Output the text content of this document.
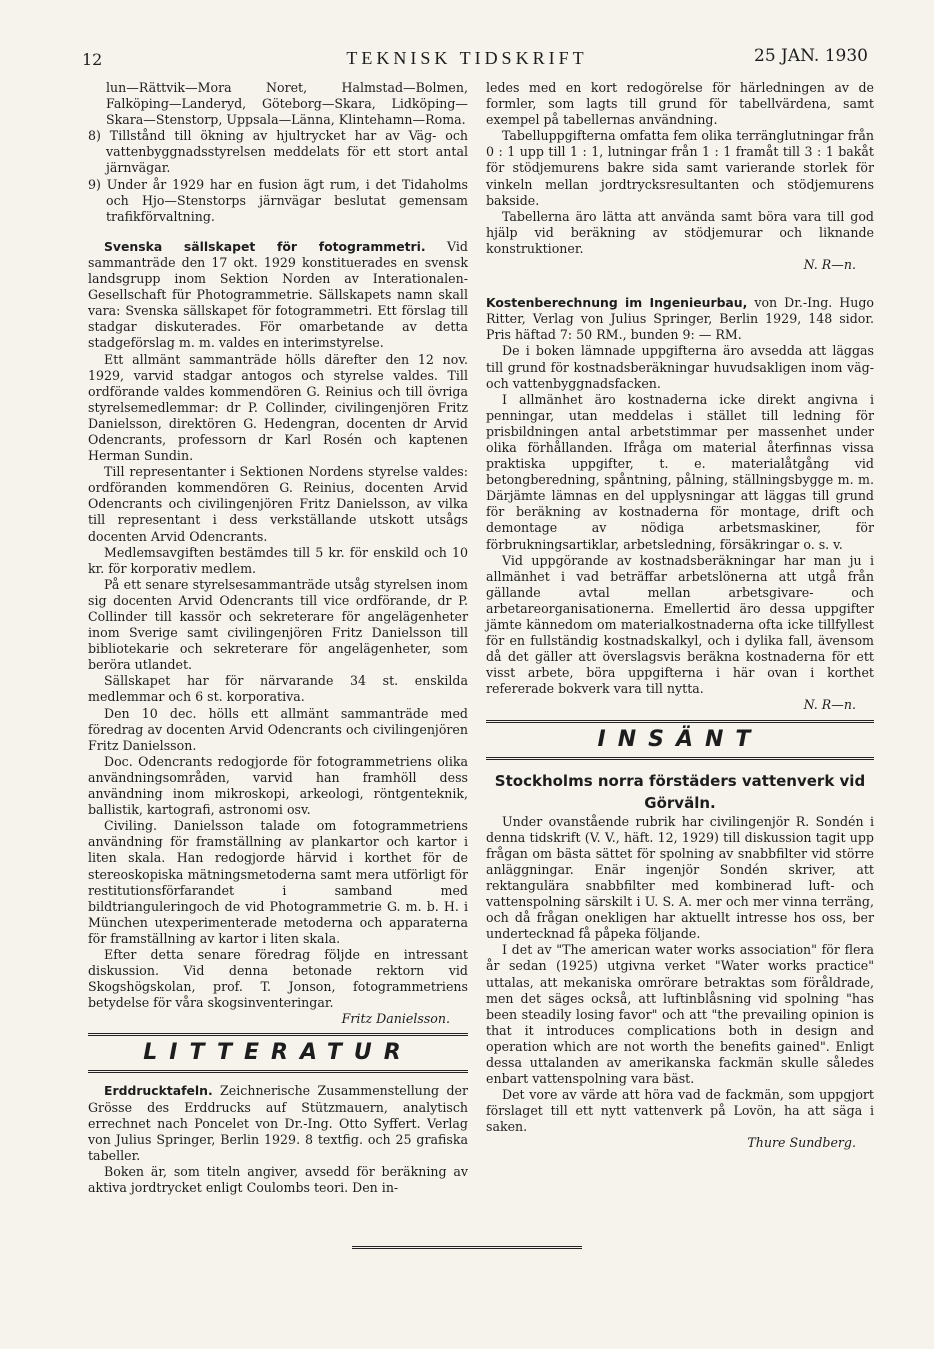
12	TEKNISK TIDSKRIFT	25 JAN. 1930

lun—Rättvik—Mora Noret, Halmstad—Bolmen, Falköping—Landeryd, Göteborg—Skara, Lidköping—Skara—Stenstorp, Uppsala—Länna, Klintehamn—Roma.

8) Tillstånd till ökning av hjultrycket har av Väg- och vattenbyggnadsstyrelsen meddelats för ett stort antal järnvägar.

9) Under år 1929 har en fusion ägt rum, i det Tidaholms och Hjo—Stenstorps järnvägar beslutat gemensam trafikförvaltning.

Svenska sällskapet för fotogrammetri. Vid sammanträde den 17 okt. 1929 konstituerades en svensk landsgrupp inom Sektion Norden av Interationalen-Gesellschaft für Photogrammetrie. Sällskapets namn skall vara: Svenska sällskapet för fotogrammetri. Ett förslag till stadgar diskuterades. För omarbetande av detta stadgeförslag m. m. valdes en interimstyrelse.

Ett allmänt sammanträde hölls därefter den 12 nov. 1929, varvid stadgar antogos och styrelse valdes. Till ordförande valdes kommendören G. Reinius och till övriga styrelsemedlemmar: dr P. Collinder, civilingenjören Fritz Danielsson, direktören G. Hedengran, docenten dr Arvid Odencrants, professorn dr Karl Rosén och kaptenen Herman Sundin.

Till representanter i Sektionen Nordens styrelse valdes: ordföranden kommendören G. Reinius, docenten Arvid Odencrants och civilingenjören Fritz Danielsson, av vilka till representant i dess verkställande utskott utsågs docenten Arvid Odencrants.

Medlemsavgiften bestämdes till 5 kr. för enskild och 10 kr. för korporativ medlem.

På ett senare styrelsesammanträde utsåg styrelsen inom sig docenten Arvid Odencrants till vice ordförande, dr P. Collinder till kassör och sekreterare för angelägenheter inom Sverige samt civilingenjören Fritz Danielsson till bibliotekarie och sekreterare för angelägenheter, som beröra utlandet.

Sällskapet har för närvarande 34 st. enskilda medlemmar och 6 st. korporativa.

Den 10 dec. hölls ett allmänt sammanträde med föredrag av docenten Arvid Odencrants och civilingenjören Fritz Danielsson.

Doc. Odencrants redogjorde för fotogrammetriens olika användningsområden, varvid han framhöll dess användning inom mikroskopi, arkeologi, röntgenteknik, ballistik, kartografi, astronomi osv.

Civiling. Danielsson talade om fotogrammetriens användning för framställning av plankartor och kartor i liten skala. Han redogjorde härvid i korthet för de stereoskopiska mätningsmetoderna samt mera utförligt för restitutionsförfarandet i samband med bildtrianguleringoch de vid Photogrammetrie G. m. b. H. i München utexperimenterade metoderna och apparaterna för framställning av kartor i liten skala.

Efter detta senare föredrag följde en intressant diskussion. Vid denna betonade rektorn vid Skogshögskolan, prof. T. Jonson, fotogrammetriens betydelse för våra skogsinventeringar.

Fritz Danielsson.

LITTERATUR

Erddrucktafeln. Zeichnerische Zusammenstellung der Grösse des Erddrucks auf Stützmauern, analytisch errechnet nach Poncelet von Dr.-Ing. Otto Syffert. Verlag von Julius Springer, Berlin 1929. 8 textfig. och 25 grafiska tabeller.

Boken är, som titeln angiver, avsedd för beräkning av aktiva jordtrycket enligt Coulombs teori. Den in-

ledes med en kort redogörelse för härledningen av de formler, som lagts till grund för tabellvärdena, samt exempel på tabellernas användning.

Tabelluppgifterna omfatta fem olika terränglutningar från 0 : 1 upp till 1 : 1, lutningar från 1 : 1 framåt till 3 : 1 bakåt för stödjemurens bakre sida samt varierande storlek för vinkeln mellan jordtrycksresultanten och stödjemurens bakside.

Tabellerna äro lätta att använda samt böra vara till god hjälp vid beräkning av stödjemurar och liknande konstruktioner.

N. R—n.

Kostenberechnung im Ingenieurbau, von Dr.-Ing. Hugo Ritter, Verlag von Julius Springer, Berlin 1929, 148 sidor. Pris häftad 7: 50 RM., bunden 9: — RM.

De i boken lämnade uppgifterna äro avsedda att läggas till grund för kostnadsberäkningar huvudsakligen inom väg- och vattenbyggnadsfacken.

I allmänhet äro kostnaderna icke direkt angivna i penningar, utan meddelas i stället till ledning för prisbildningen antal arbetstimmar per massenhet under olika förhållanden. Ifråga om material återfinnas vissa praktiska uppgifter, t. e. materialåtgång vid betongberedning, spåntning, pålning, ställningsbygge m. m. Därjämte lämnas en del upplysningar att läggas till grund för beräkning av kostnaderna för montage, drift och demontage av nödiga arbetsmaskiner, för förbrukningsartiklar, arbetsledning, försäkringar o. s. v.

Vid uppgörande av kostnadsberäkningar har man ju i allmänhet i vad beträffar arbetslönerna att utgå från gällande avtal mellan arbetsgivare- och arbetareorganisationerna. Emellertid äro dessa uppgifter jämte kännedom om materialkostnaderna ofta icke tillfyllest för en fullständig kostnadskalkyl, och i dylika fall, ävensom då det gäller att överslagsvis beräkna kostnaderna för ett visst arbete, böra uppgifterna i här ovan i korthet refererade bokverk vara till nytta.

N. R—n.

INSÄNT

Stockholms norra förstäders vattenverk vid Görväln.

Under ovanstående rubrik har civilingenjör R. Sondén i denna tidskrift (V. V., häft. 12, 1929) till diskussion tagit upp frågan om bästa sättet för spolning av snabbfilter vid större anläggningar. Enär ingenjör Sondén skriver, att rektangulära snabbfilter med kombinerad luft- och vattenspolning särskilt i U. S. A. mer och mer vinna terräng, och då frågan onekligen har aktuellt intresse hos oss, ber undertecknad få påpeka följande.

I det av "The american water works association" för flera år sedan (1925) utgivna verket "Water works practice" uttalas, att mekaniska omrörare betraktas som föråldrade, men det säges också, att luftinblåsning vid spolning "has been steadily losing favor" och att "the prevailing opinion is that it introduces complications both in design and operation which are not worth the benefits gained". Enligt dessa uttalanden av amerikanska fackmän skulle således enbart vattenspolning vara bäst.

Det vore av värde att höra vad de fackmän, som uppgjort förslaget till ett nytt vattenverk på Lovön, ha att säga i saken.

Thure Sundberg.
